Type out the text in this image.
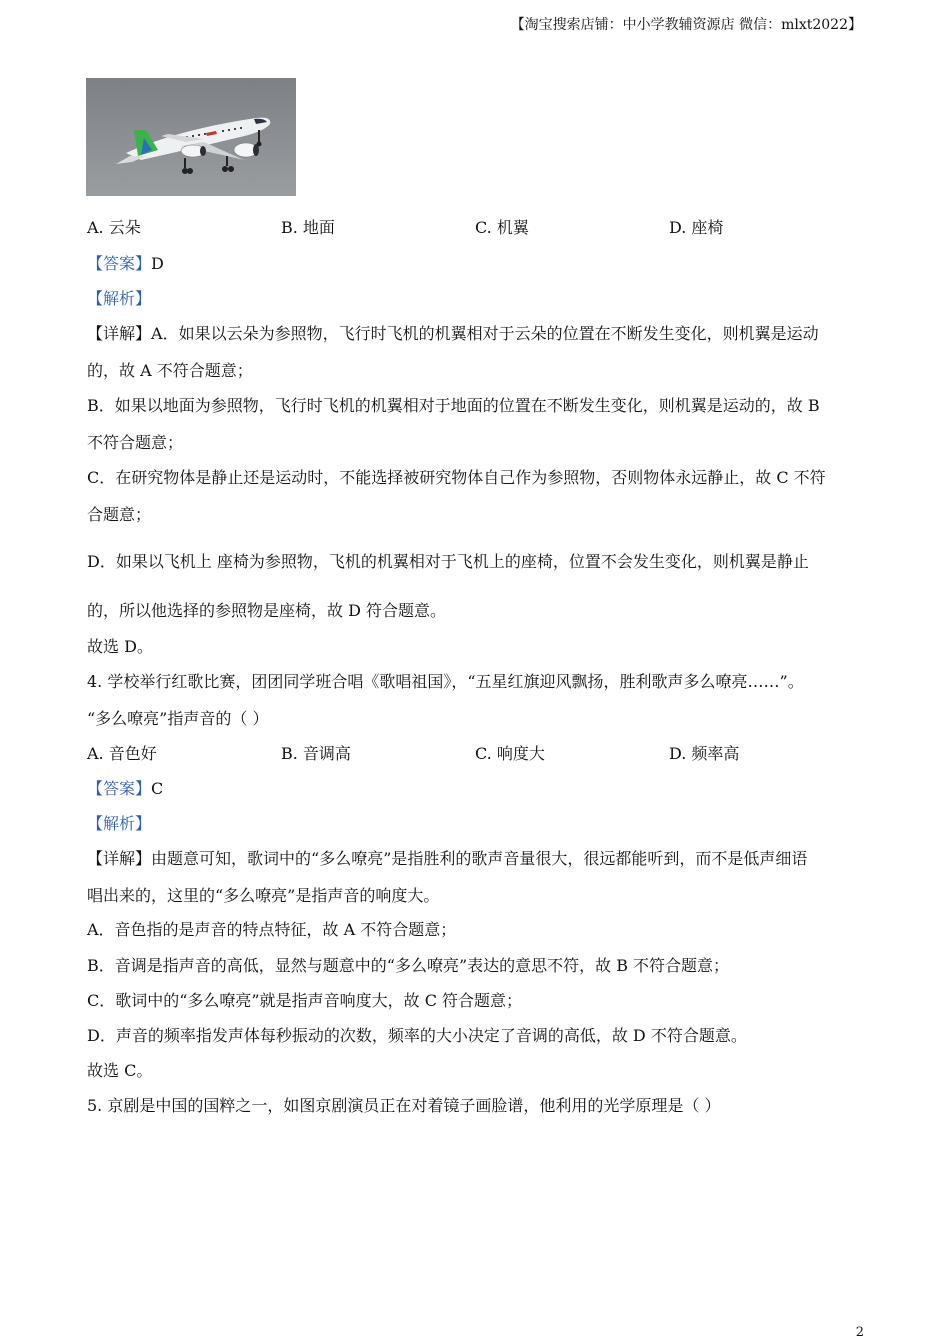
【淘宝搜索店铺：中小学教辅资源店 微信：mlxt2022】
A. 云朵	B. 地面	C. 机翼	D. 座椅
【答案】D
【解析】
【详解】A．如果以云朵为参照物，飞行时飞机的机翼相对于云朵的位置在不断发生变化，则机翼是运动
的，故 A 不符合题意；
B．如果以地面为参照物，飞行时飞机的机翼相对于地面的位置在不断发生变化，则机翼是运动的，故 B
不符合题意；
C．在研究物体是静止还是运动时，不能选择被研究物体自己作为参照物，否则物体永远静止，故 C 不符
合题意；
D．如果以飞机上 座椅为参照物，飞机的机翼相对于飞机上的座椅，位置不会发生变化，则机翼是静止
的，所以他选择的参照物是座椅，故 D 符合题意。
故选 D。
4. 学校举行红歌比赛，团团同学班合唱《歌唱祖国》，“五星红旗迎风飘扬，胜利歌声多么嘹亮……”。
“多么嘹亮”指声音的（ ）
A. 音色好	B. 音调高	C. 响度大	D. 频率高
【答案】C
【解析】
【详解】由题意可知，歌词中的“多么嘹亮”是指胜利的歌声音量很大，很远都能听到，而不是低声细语
唱出来的，这里的“多么嘹亮”是指声音的响度大。
A．音色指的是声音的特点特征，故 A 不符合题意；
B．音调是指声音的高低，显然与题意中的“多么嘹亮”表达的意思不符，故 B 不符合题意；
C．歌词中的“多么嘹亮”就是指声音响度大，故 C 符合题意；
D．声音的频率指发声体每秒振动的次数，频率的大小决定了音调的高低，故 D 不符合题意。
故选 C。
5. 京剧是中国的国粹之一，如图京剧演员正在对着镜子画脸谱，他利用的光学原理是（ ）
2
